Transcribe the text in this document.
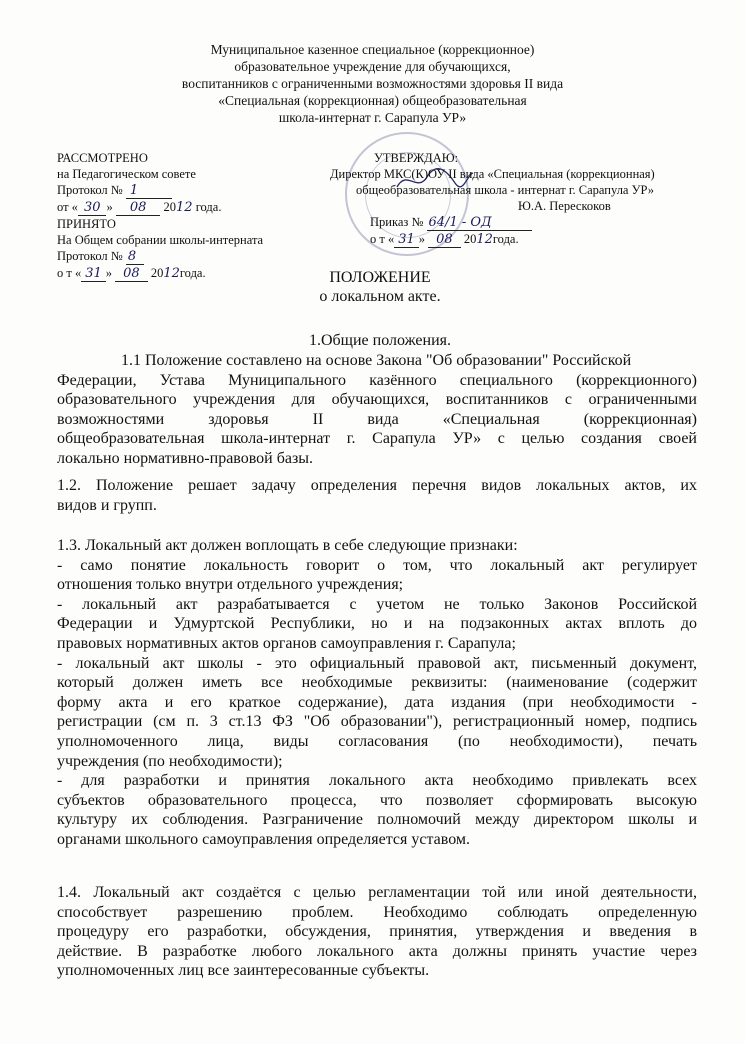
Муниципальное казенное специальное (коррекционное)
образовательное учреждение для обучающихся,
воспитанников с ограниченными возможностями здоровья II вида
«Специальная (коррекционная) общеобразовательная
школа-интернат г. Сарапула УР»
РАССМОТРЕНО
на Педагогическом совете
Протокол № 1
от « 30 » 08 2012 года.
ПРИНЯТО
На Общем собрании школы-интерната
Протокол № 8
о т « 31 » 08 2012года.
УТВЕРЖДАЮ:
Директор МКС(К)ОУ II вида «Специальная (коррекционная)
общеобразовательная школа - интернат г. Сарапула УР»
Ю.А. Перескоков
Приказ № 64/1 - ОД
о т « 31 » 08 2012года.
ПОЛОЖЕНИЕ
о локальном акте.
1.Общие положения.
1.1 Положение составлено на основе Закона "Об образовании" Российской
Федерации, Устава Муниципального казённого специального (коррекционного)
образовательного учреждения для обучающихся, воспитанников с ограниченными
возможностями здоровья II вида «Специальная (коррекционная)
общеобразовательная школа-интернат г. Сарапула УР» с целью создания своей
локально нормативно-правовой базы.
1.2. Положение решает задачу определения перечня видов локальных актов, их
видов и групп.
1.3. Локальный акт должен воплощать в себе следующие признаки:
- само понятие локальность говорит о том, что локальный акт регулирует
отношения только внутри отдельного учреждения;
- локальный акт разрабатывается с учетом не только Законов Российской
Федерации и Удмуртской Республики, но и на подзаконных актах вплоть до
правовых нормативных актов органов самоуправления г. Сарапула;
- локальный акт школы - это официальный правовой акт, письменный документ,
который должен иметь все необходимые реквизиты: (наименование (содержит
форму акта и его краткое содержание), дата издания (при необходимости -
регистрации (см п. 3 ст.13 ФЗ "Об образовании"), регистрационный номер, подпись
уполномоченного лица, виды согласования (по необходимости), печать
учреждения (по необходимости);
- для разработки и принятия локального акта необходимо привлекать всех
субъектов образовательного процесса, что позволяет сформировать высокую
культуру их соблюдения. Разграничение полномочий между директором школы и
органами школьного самоуправления определяется уставом.
1.4. Локальный акт создаётся с целью регламентации той или иной деятельности,
способствует разрешению проблем. Необходимо соблюдать определенную
процедуру его разработки, обсуждения, принятия, утверждения и введения в
действие. В разработке любого локального акта должны принять участие через
уполномоченных лиц все заинтересованные субъекты.
